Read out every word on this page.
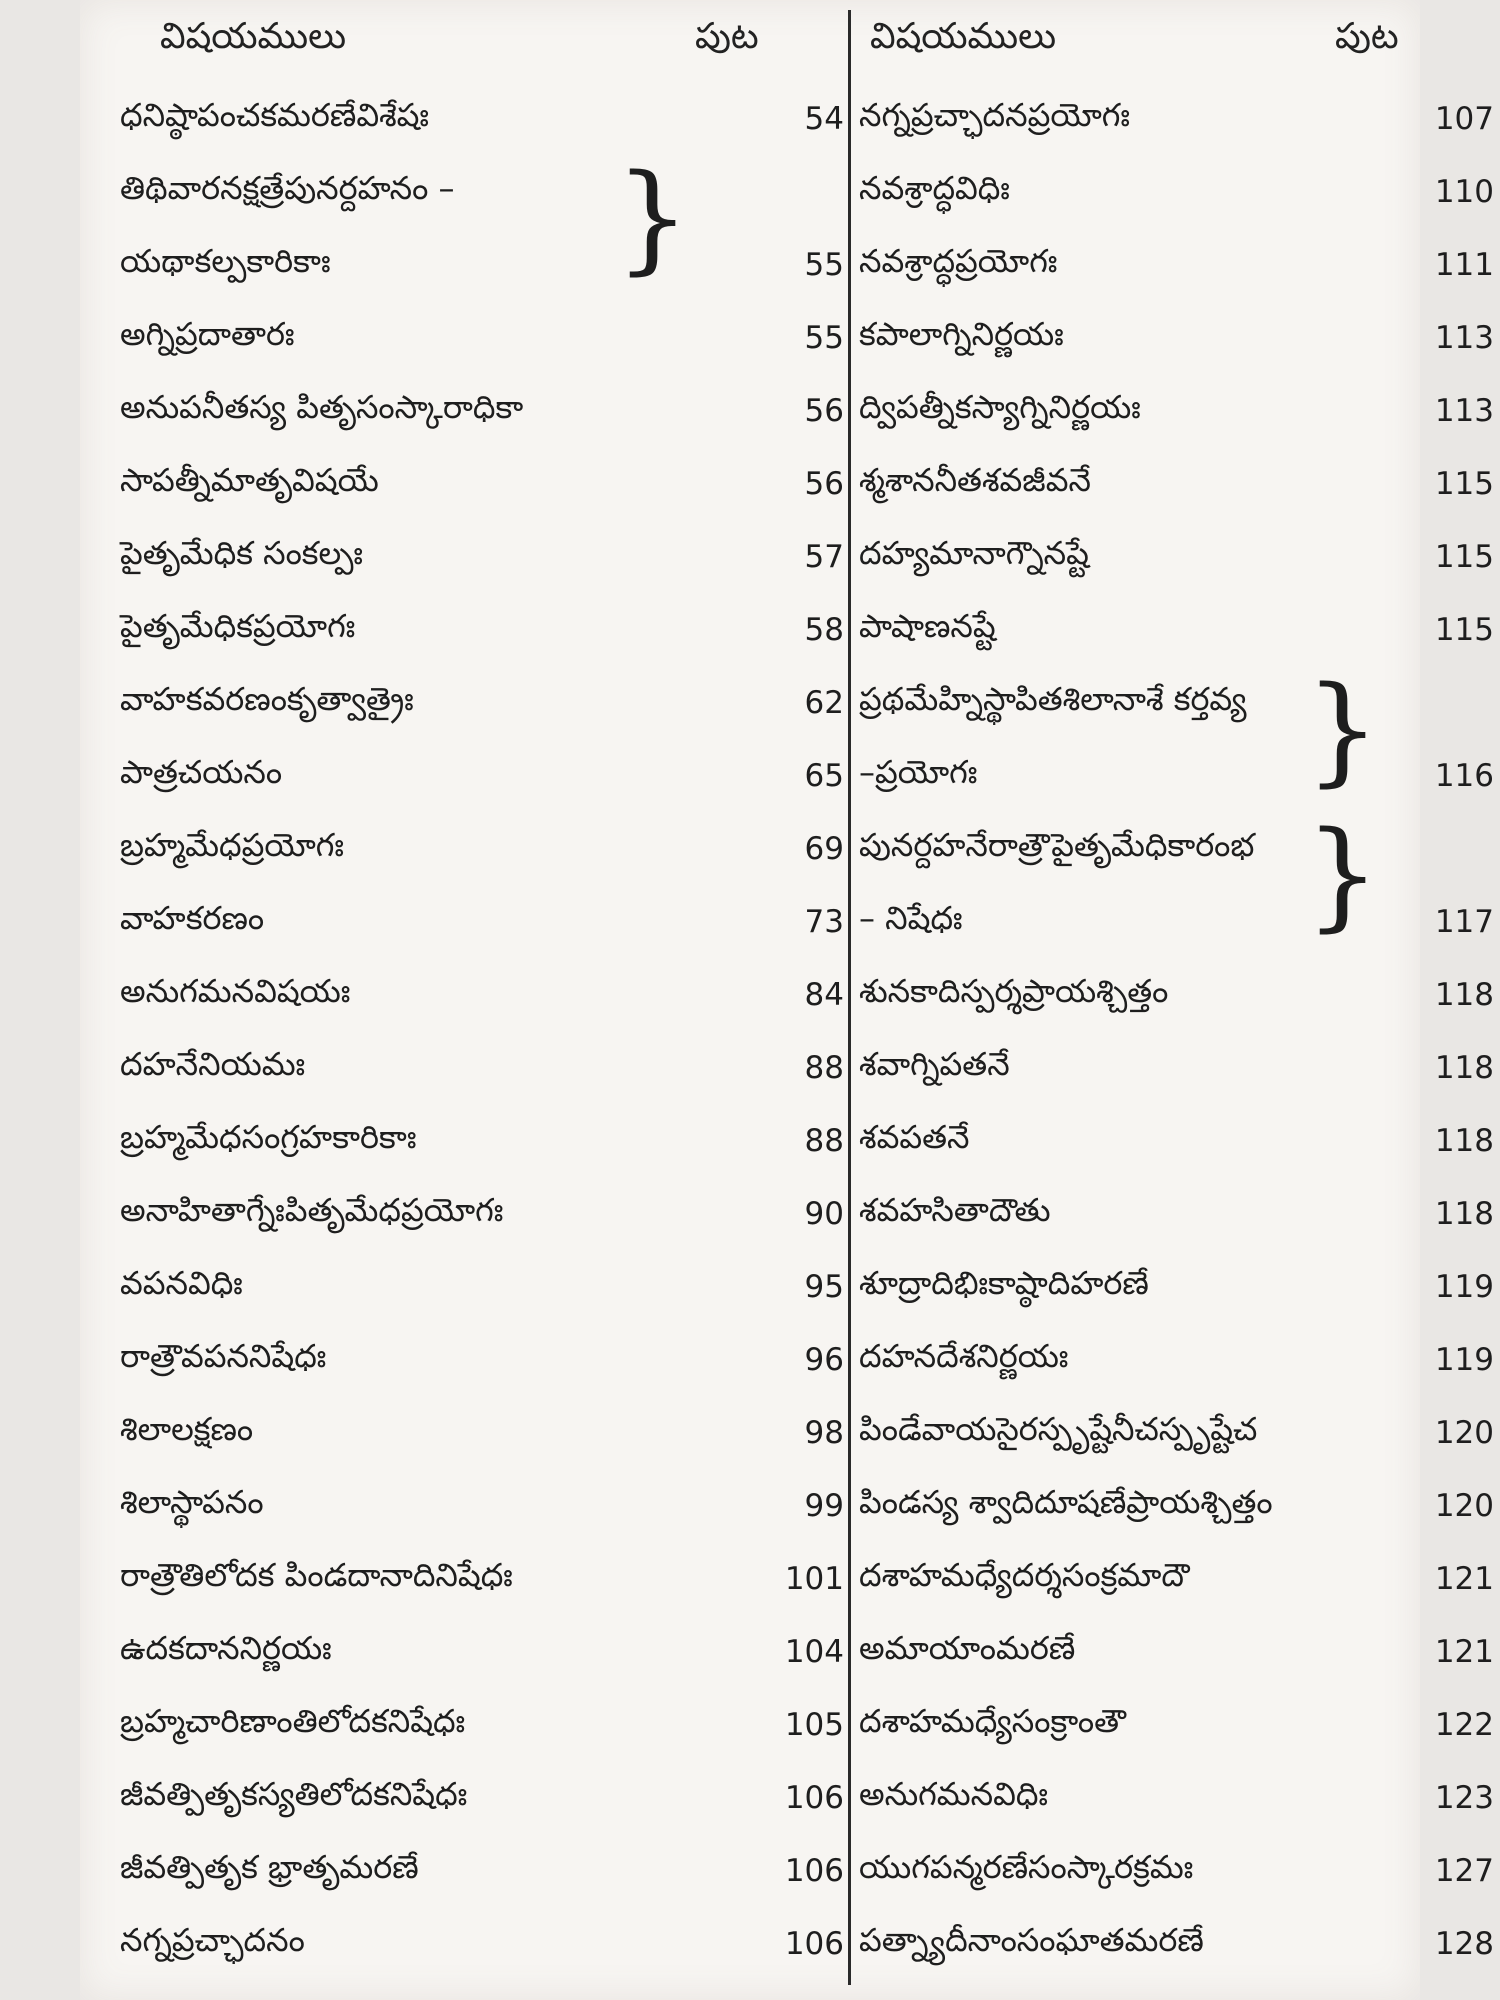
విషయములు	పుట	విషయములు	పుట
ధనిష్ఠాపంచకమరణేవిశేషః	54
తిథివారనక్షత్రేపునర్దహనం –
యథాకల్పకారికాః	55
అగ్నిప్రదాతారః	55
అనుపనీతస్య పితృసంస్కారాధికా	56
సాపత్నీమాతృవిషయే	56
పైతృమేధిక సంకల్పః	57
పైతృమేధికప్రయోగః	58
వాహకవరణంకృత్వాత్రైః	62
పాత్రచయనం	65
బ్రహ్మమేధప్రయోగః	69
వాహకరణం	73
అనుగమనవిషయః	84
దహనేనియమః	88
బ్రహ్మమేధసంగ్రహకారికాః	88
అనాహితాగ్నేఃపితృమేధప్రయోగః	90
వపనవిధిః	95
రాత్రౌవపననిషేధః	96
శిలాలక్షణం	98
శిలాస్థాపనం	99
రాత్రౌతిలోదక పిండదానాదినిషేధః	101
ఉదకదాననిర్ణయః	104
బ్రహ్మచారిణాంతిలోదకనిషేధః	105
జీవత్పితృకస్యతిలోదకనిషేధః	106
జీవత్పితృక భ్రాతృమరణే	106
నగ్నప్రచ్ఛాదనం	106
నగ్నప్రచ్ఛాదనప్రయోగః	107
నవశ్రాద్ధవిధిః	110
నవశ్రాద్ధప్రయోగః	111
కపాలాగ్నినిర్ణయః	113
ద్విపత్నీకస్యాగ్నినిర్ణయః	113
శ్మశాననీతశవజీవనే	115
దహ్యమానాగ్నౌనష్టే	115
పాషాణనష్టే	115
ప్రథమేహ్నిస్థాపితశిలానాశే కర్తవ్య
–ప్రయోగః	116
పునర్దహనేరాత్రౌపైతృమేధికారంభ
– నిషేధః	117
శునకాదిస్పర్శప్రాయశ్చిత్తం	118
శవాగ్నిపతనే	118
శవపతనే	118
శవహసితాదౌతు	118
శూద్రాదిభిఃకాష్ఠాదిహరణే	119
దహనదేశనిర్ణయః	119
పిండేవాయసైరస్పృష్టేనీచస్పృష్టేచ	120
పిండస్య శ్వాదిదూషణేప్రాయశ్చిత్తం	120
దశాహమధ్యేదర్శసంక్రమాదౌ	121
అమాయాంమరణే	121
దశాహమధ్యేసంక్రాంతౌ	122
అనుగమనవిధిః	123
యుగపన్మరణేసంస్కారక్రమః	127
పత్న్యాదీనాంసంఘాతమరణే	128
}
}
}
